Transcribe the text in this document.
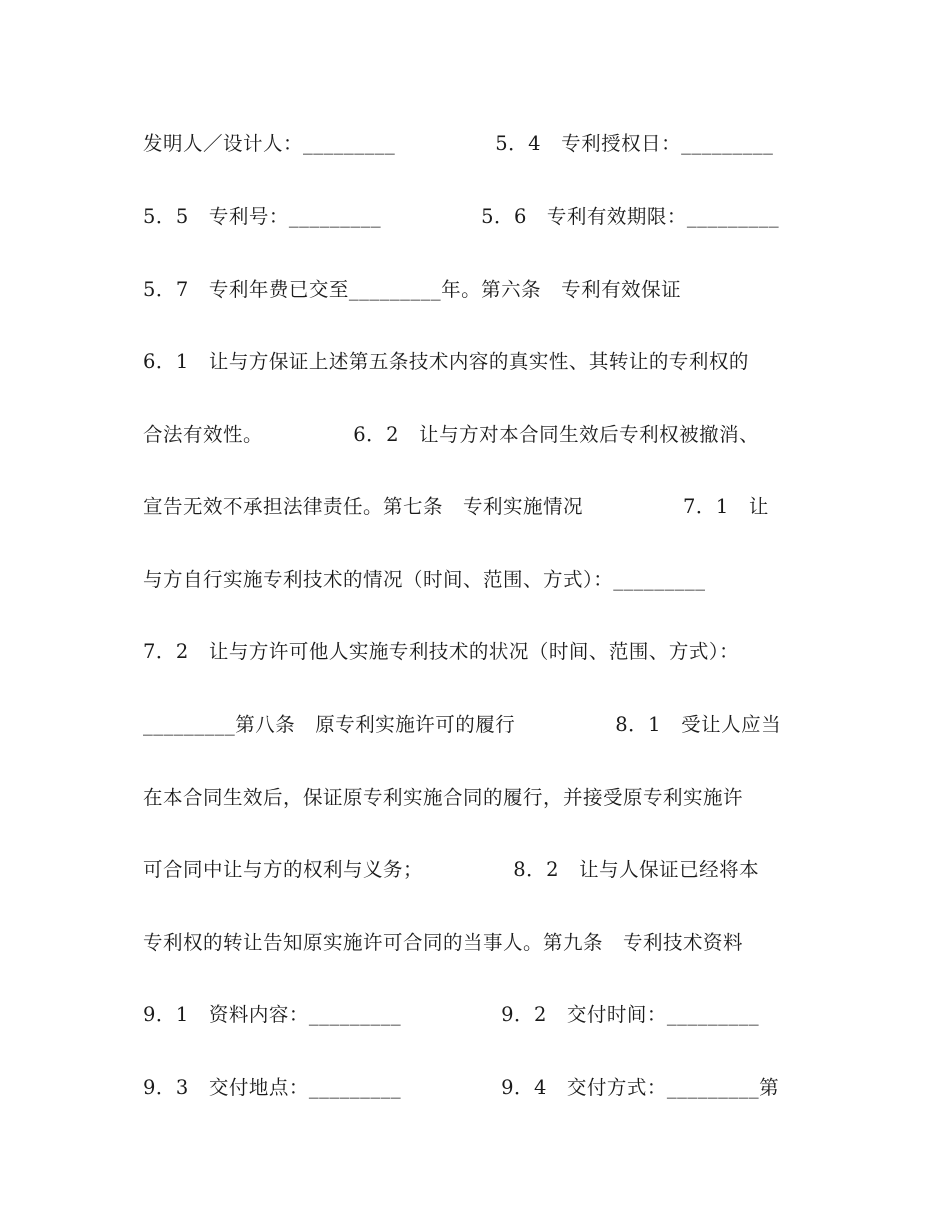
发明人／设计人：_________　　　　　5．4　专利授权日：_________
5．5　专利号：_________　　　　　5．6　专利有效期限：_________
5．7　专利年费已交至_________年。第六条　专利有效保证
6．1　让与方保证上述第五条技术内容的真实性、其转让的专利权的
合法有效性。　　　　　6．2　让与方对本合同生效后专利权被撤消、
宣告无效不承担法律责任。第七条　专利实施情况　　　　　7．1　让
与方自行实施专利技术的情况（时间、范围、方式）：_________
7．2　让与方许可他人实施专利技术的状况（时间、范围、方式）：
_________第八条　原专利实施许可的履行　　　　　8．1　受让人应当
在本合同生效后，保证原专利实施合同的履行，并接受原专利实施许
可合同中让与方的权利与义务；　　　　　8．2　让与人保证已经将本
专利权的转让告知原实施许可合同的当事人。第九条　专利技术资料
9．1　资料内容：_________　　　　　9．2　交付时间：_________
9．3　交付地点：_________　　　　　9．4　交付方式：_________第
